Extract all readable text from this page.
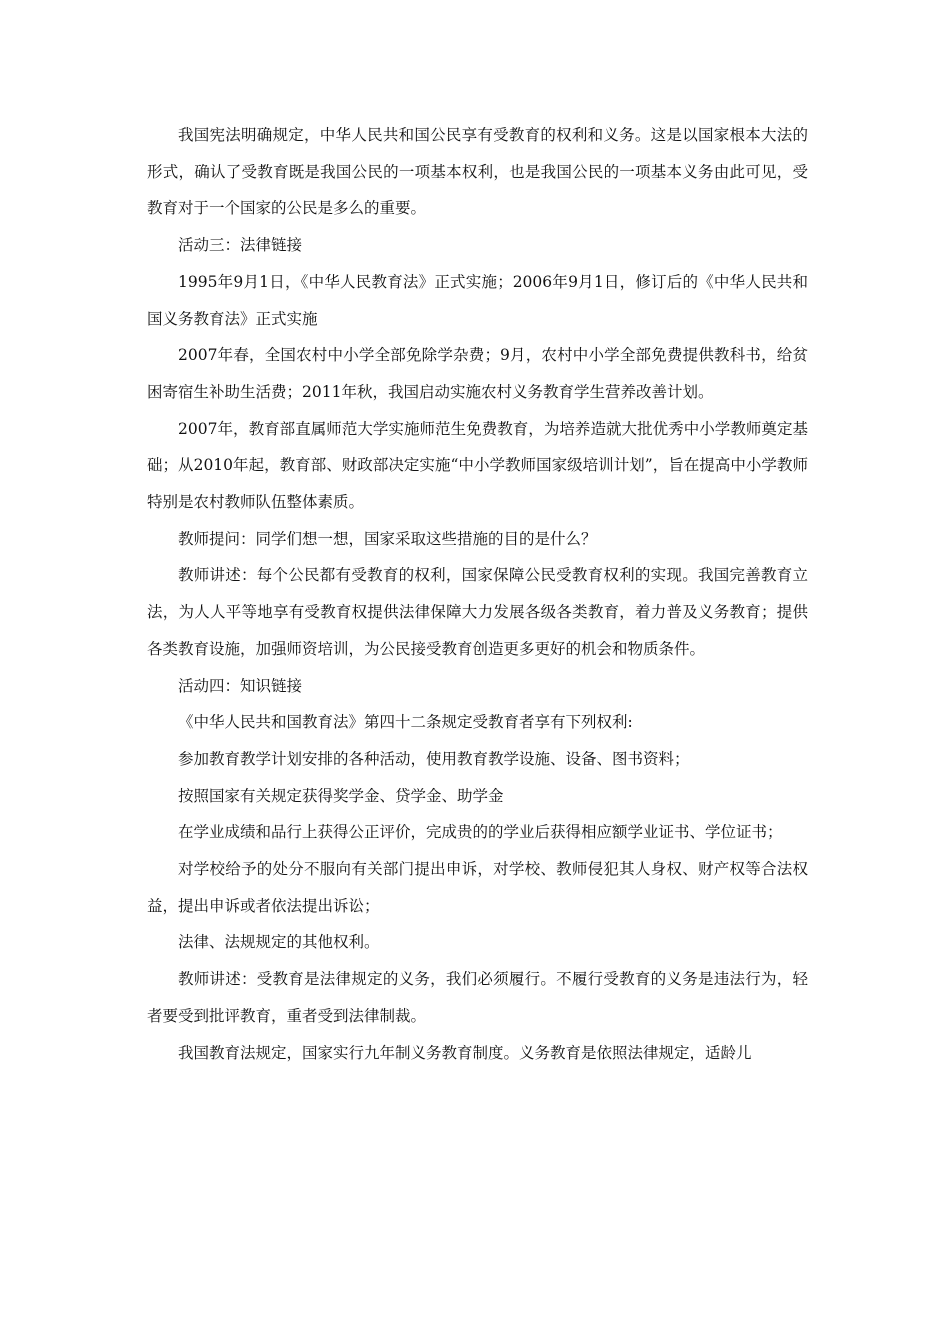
我国宪法明确规定，中华人民共和国公民享有受教育的权利和义务。这是以国家根本大法的形式，确认了受教育既是我国公民的一项基本权利，也是我国公民的一项基本义务由此可见，受教育对于一个国家的公民是多么的重要。

活动三：法律链接

1995年9月1日，《中华人民教育法》正式实施；2006年9月1日，修订后的《中华人民共和国义务教育法》正式实施

2007年春，全国农村中小学全部免除学杂费；9月，农村中小学全部免费提供教科书，给贫困寄宿生补助生活费；2011年秋，我国启动实施农村义务教育学生营养改善计划。

2007年，教育部直属师范大学实施师范生免费教育，为培养造就大批优秀中小学教师奠定基础；从2010年起，教育部、财政部决定实施“中小学教师国家级培训计划”，旨在提高中小学教师特别是农村教师队伍整体素质。

教师提问：同学们想一想，国家采取这些措施的目的是什么？

教师讲述：每个公民都有受教育的权利，国家保障公民受教育权利的实现。我国完善教育立法，为人人平等地享有受教育权提供法律保障大力发展各级各类教育，着力普及义务教育；提供各类教育设施，加强师资培训，为公民接受教育创造更多更好的机会和物质条件。

活动四：知识链接

《中华人民共和国教育法》第四十二条规定受教育者享有下列权利:

参加教育教学计划安排的各种活动，使用教育教学设施、设备、图书资料；

按照国家有关规定获得奖学金、贷学金、助学金

在学业成绩和品行上获得公正评价，完成贵的的学业后获得相应额学业证书、学位证书；

对学校给予的处分不服向有关部门提出申诉，对学校、教师侵犯其人身权、财产权等合法权益，提出申诉或者依法提出诉讼；

法律、法规规定的其他权利。

教师讲述：受教育是法律规定的义务，我们必须履行。不履行受教育的义务是违法行为，轻者要受到批评教育，重者受到法律制裁。

我国教育法规定，国家实行九年制义务教育制度。义务教育是依照法律规定，适龄儿
